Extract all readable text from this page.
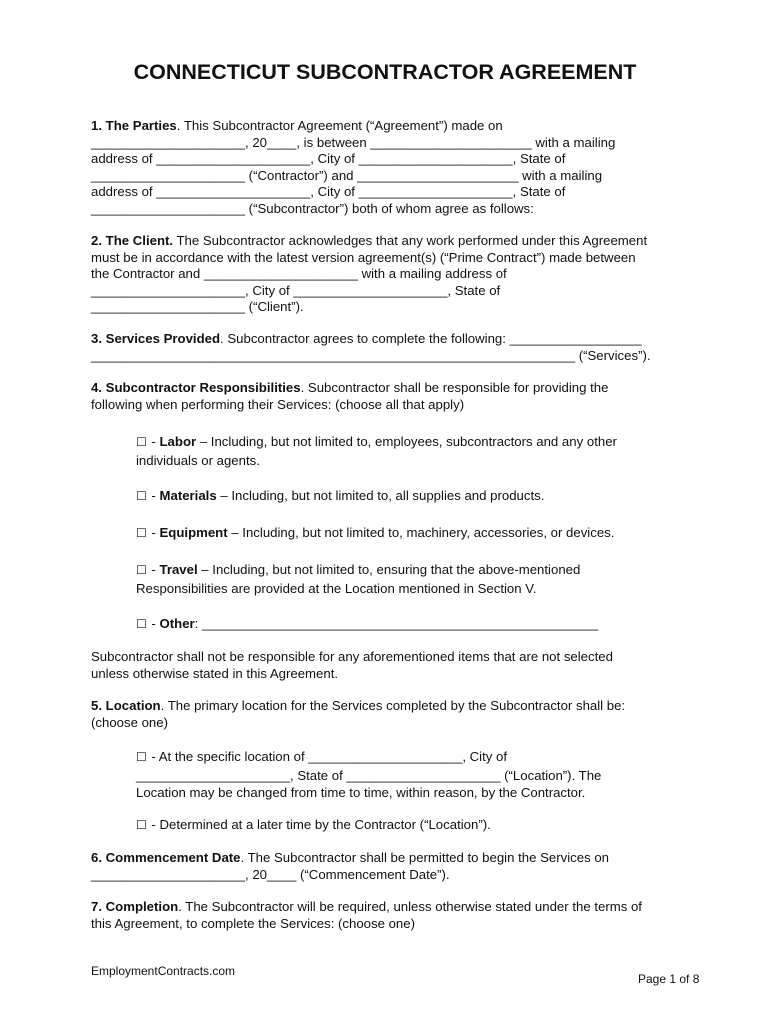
CONNECTICUT SUBCONTRACTOR AGREEMENT
1. The Parties. This Subcontractor Agreement (“Agreement”) made on
_____________________, 20____, is between ______________________ with a mailing
address of _____________________, City of _____________________, State of
_____________________ (“Contractor”) and ______________________ with a mailing
address of _____________________, City of _____________________, State of
_____________________ (“Subcontractor”) both of whom agree as follows:
2. The Client. The Subcontractor acknowledges that any work performed under this Agreement
must be in accordance with the latest version agreement(s) (“Prime Contract”) made between
the Contractor and _____________________ with a mailing address of
_____________________, City of _____________________, State of
_____________________ (“Client”).
3. Services Provided. Subcontractor agrees to complete the following: __________________
__________________________________________________________________ (“Services”).
4. Subcontractor Responsibilities. Subcontractor shall be responsible for providing the
following when performing their Services: (choose all that apply)
☐ - Labor – Including, but not limited to, employees, subcontractors and any other
individuals or agents.
☐ - Materials – Including, but not limited to, all supplies and products.
☐ - Equipment – Including, but not limited to, machinery, accessories, or devices.
☐ - Travel – Including, but not limited to, ensuring that the above-mentioned
Responsibilities are provided at the Location mentioned in Section V.
☐ - Other: ______________________________________________________
Subcontractor shall not be responsible for any aforementioned items that are not selected
unless otherwise stated in this Agreement.
5. Location. The primary location for the Services completed by the Subcontractor shall be:
(choose one)
☐ - At the specific location of _____________________, City of
_____________________, State of _____________________ (“Location”). The
Location may be changed from time to time, within reason, by the Contractor.
☐ - Determined at a later time by the Contractor (“Location”).
6. Commencement Date. The Subcontractor shall be permitted to begin the Services on
_____________________, 20____ (“Commencement Date”).
7. Completion. The Subcontractor will be required, unless otherwise stated under the terms of
this Agreement, to complete the Services: (choose one)
EmploymentContracts.com
Page 1 of 8
